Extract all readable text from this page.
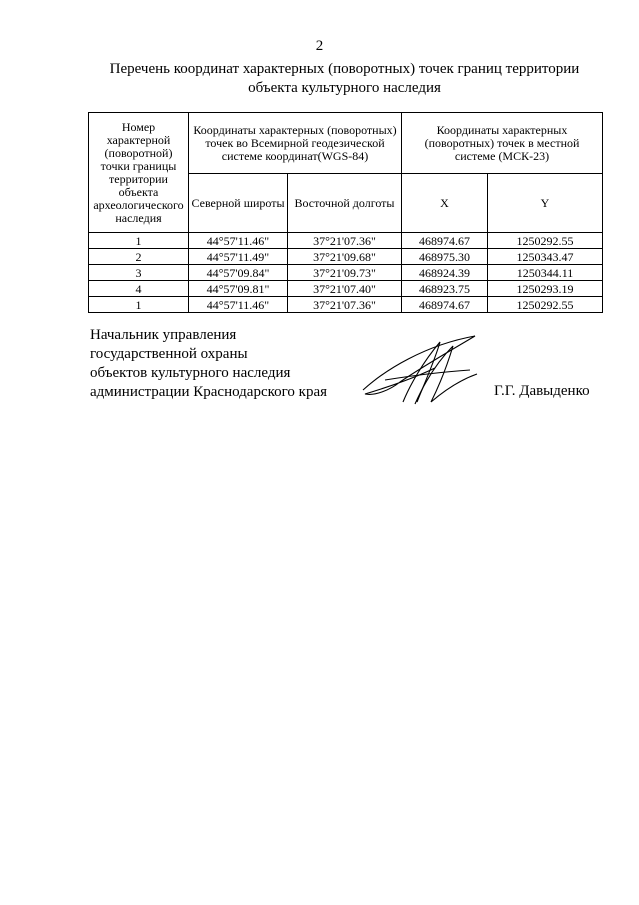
2
Перечень координат характерных (поворотных) точек границ территории
объекта культурного наследия
Номер характерной (поворотной) точки границы территории объекта археологического наследия	Координаты характерных (поворотных) точек во Всемирной геодезической системе координат(WGS-84)		Координаты характерных (поворотных) точек в местной системе (МСК-23)	
	Северной широты	Восточной долготы	X	Y
1	44°57'11.46"	37°21'07.36"	468974.67	1250292.55
2	44°57'11.49"	37°21'09.68"	468975.30	1250343.47
3	44°57'09.84"	37°21'09.73"	468924.39	1250344.11
4	44°57'09.81"	37°21'07.40"	468923.75	1250293.19
1	44°57'11.46"	37°21'07.36"	468974.67	1250292.55
Начальник управления
государственной охраны
объектов культурного наследия
администрации Краснодарского края	Г.Г. Давыденко
